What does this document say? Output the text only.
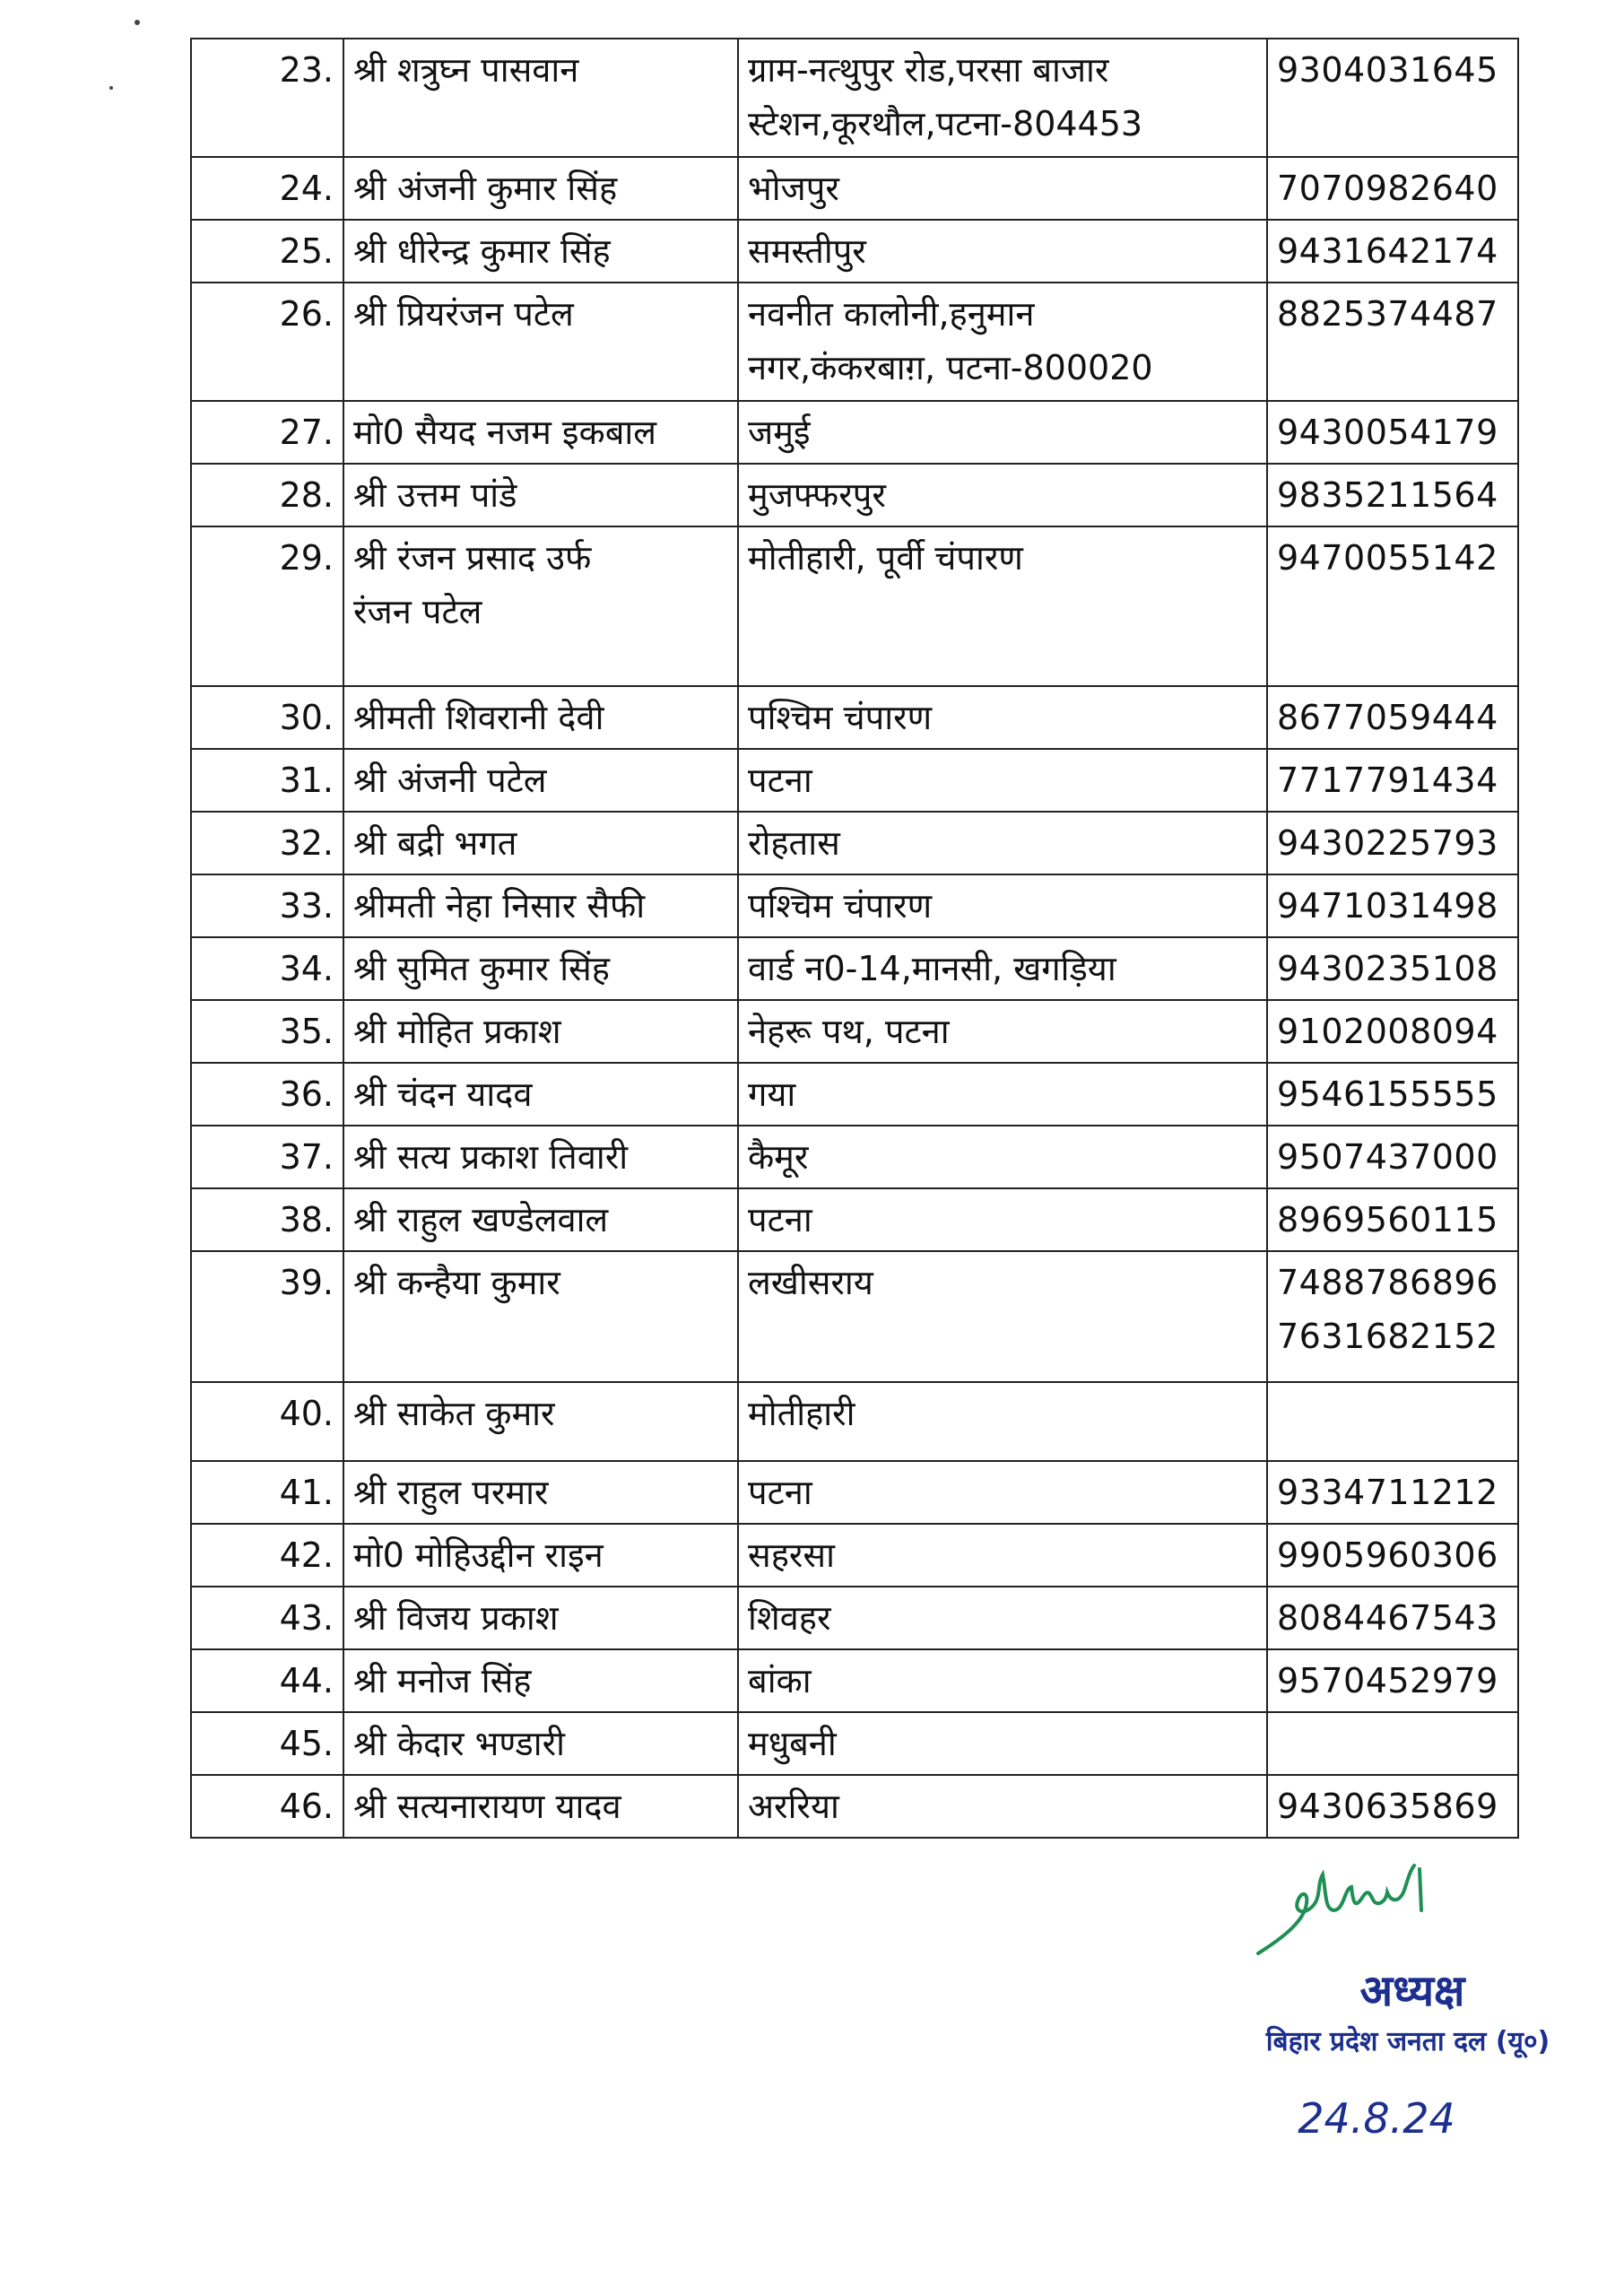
23.	श्री शत्रुघ्न पासवान	ग्राम-नत्थुपुर रोड,परसा बाजार
स्टेशन,कूरथौल,पटना-804453	9304031645
24.	श्री अंजनी कुमार सिंह	भोजपुर	7070982640
25.	श्री धीरेन्द्र कुमार सिंह	समस्तीपुर	9431642174
26.	श्री प्रियरंजन पटेल	नवनीत कालोनी,हनुमान
नगर,कंकरबाग़, पटना-800020	8825374487
27.	मो0 सैयद नजम इकबाल	जमुई	9430054179
28.	श्री उत्तम पांडे	मुजफ्फरपुर	9835211564
29.	श्री रंजन प्रसाद उर्फ
रंजन पटेल	मोतीहारी, पूर्वी चंपारण	9470055142
30.	श्रीमती शिवरानी देवी	पश्चिम चंपारण	8677059444
31.	श्री अंजनी पटेल	पटना	7717791434
32.	श्री बद्री भगत	रोहतास	9430225793
33.	श्रीमती नेहा निसार सैफी	पश्चिम चंपारण	9471031498
34.	श्री सुमित कुमार सिंह	वार्ड न0-14,मानसी, खगड़िया	9430235108
35.	श्री मोहित प्रकाश	नेहरू पथ, पटना	9102008094
36.	श्री चंदन यादव	गया	9546155555
37.	श्री सत्य प्रकाश तिवारी	कैमूर	9507437000
38.	श्री राहुल खण्डेलवाल	पटना	8969560115
39.	श्री कन्हैया कुमार	लखीसराय	7488786896
7631682152
40.	श्री साकेत कुमार	मोतीहारी	
41.	श्री राहुल परमार	पटना	9334711212
42.	मो0 मोहिउद्दीन राइन	सहरसा	9905960306
43.	श्री विजय प्रकाश	शिवहर	8084467543
44.	श्री मनोज सिंह	बांका	9570452979
45.	श्री केदार भण्डारी	मधुबनी	
46.	श्री सत्यनारायण यादव	अररिया	9430635869
अध्यक्ष
बिहार प्रदेश जनता दल (यू०)
24.8.24
